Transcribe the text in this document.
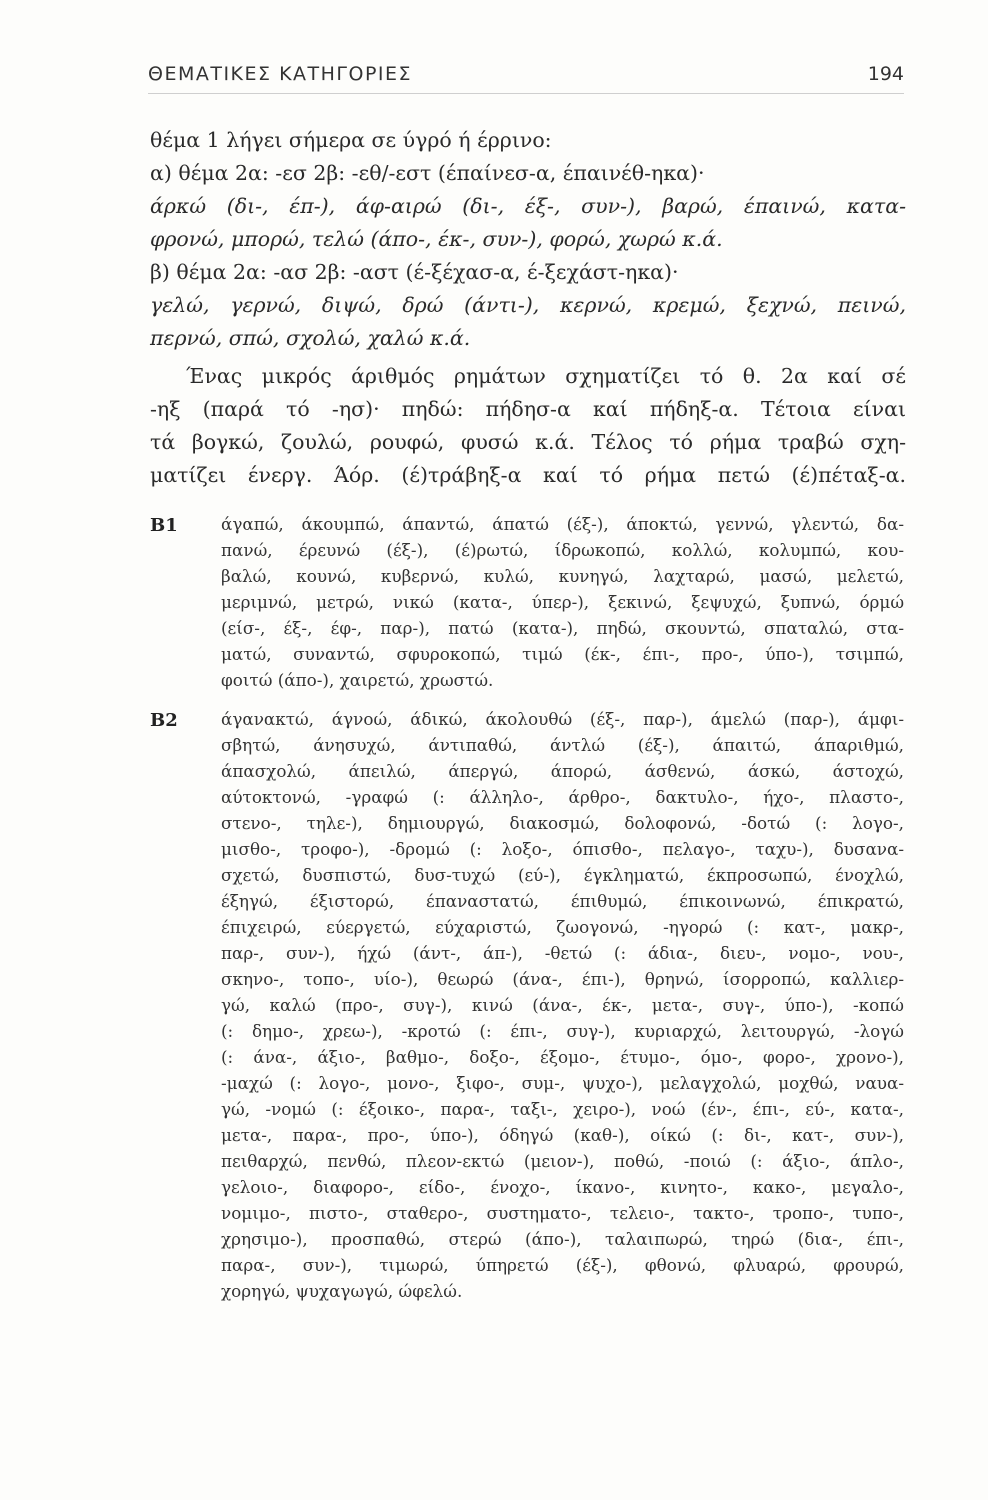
ΘΕΜΑΤΙΚΕΣ ΚΑΤΗΓΟΡΙΕΣ	194
θέμα 1 λήγει σήμερα σε ύγρό ή έρρινο:
α) θέμα 2α: -εσ 2β: -εθ/-εστ (έπαίνεσ-α, έπαινέθ-ηκα)·
άρκώ (δι-, έπ-), άφ-αιρώ (δι-, έξ-, συν-), βαρώ, έπαινώ, κατα-
φρονώ, μπορώ, τελώ (άπο-, έκ-, συν-), φορώ, χωρώ κ.ά.
β) θέμα 2α: -ασ 2β: -αστ (έ-ξέχασ-α, έ-ξεχάστ-ηκα)·
γελώ, γερνώ, διψώ, δρώ (άντι-), κερνώ, κρεμώ, ξεχνώ, πεινώ,
περνώ, σπώ, σχολώ, χαλώ κ.ά.
Ένας μικρός άριθμός ρημάτων σχηματίζει τό θ. 2α καί σέ
-ηξ (παρά τό -ησ)· πηδώ: πήδησ-α καί πήδηξ-α. Τέτοια είναι
τά βογκώ, ζουλώ, ρουφώ, φυσώ κ.ά. Τέλος τό ρήμα τραβώ σχη-
ματίζει ένεργ. Άόρ. (έ)τράβηξ-α καί τό ρήμα πετώ (έ)πέταξ-α.
Β1	άγαπώ, άκουμπώ, άπαντώ, άπατώ (έξ-), άποκτώ, γεννώ, γλεντώ, δα-
πανώ, έρευνώ (έξ-), (έ)ρωτώ, ίδρωκοπώ, κολλώ, κολυμπώ, κου-
βαλώ, κουνώ, κυβερνώ, κυλώ, κυνηγώ, λαχταρώ, μασώ, μελετώ,
μεριμνώ, μετρώ, νικώ (κατα-, ύπερ-), ξεκινώ, ξεψυχώ, ξυπνώ, όρμώ
(είσ-, έξ-, έφ-, παρ-), πατώ (κατα-), πηδώ, σκουντώ, σπαταλώ, στα-
ματώ, συναντώ, σφυροκοπώ, τιμώ (έκ-, έπι-, προ-, ύπο-), τσιμπώ,
φοιτώ (άπο-), χαιρετώ, χρωστώ.
Β2	άγανακτώ, άγνοώ, άδικώ, άκολουθώ (έξ-, παρ-), άμελώ (παρ-), άμφι-
σβητώ, άνησυχώ, άντιπαθώ, άντλώ (έξ-), άπαιτώ, άπαριθμώ,
άπασχολώ, άπειλώ, άπεργώ, άπορώ, άσθενώ, άσκώ, άστοχώ,
αύτοκτονώ, -γραφώ (: άλληλο-, άρθρο-, δακτυλο-, ήχο-, πλαστο-,
στενο-, τηλε-), δημιουργώ, διακοσμώ, δολοφονώ, -δοτώ (: λογο-,
μισθο-, τροφο-), -δρομώ (: λοξο-, όπισθο-, πελαγο-, ταχυ-), δυσανα-
σχετώ, δυσπιστώ, δυσ-τυχώ (εύ-), έγκληματώ, έκπροσωπώ, ένοχλώ,
έξηγώ, έξιστορώ, έπαναστατώ, έπιθυμώ, έπικοινωνώ, έπικρατώ,
έπιχειρώ, εύεργετώ, εύχαριστώ, ζωογονώ, -ηγορώ (: κατ-, μακρ-,
παρ-, συν-), ήχώ (άντ-, άπ-), -θετώ (: άδια-, διευ-, νομο-, νου-,
σκηνο-, τοπο-, υίο-), θεωρώ (άνα-, έπι-), θρηνώ, ίσορροπώ, καλλιερ-
γώ, καλώ (προ-, συγ-), κινώ (άνα-, έκ-, μετα-, συγ-, ύπο-), -κοπώ
(: δημο-, χρεω-), -κροτώ (: έπι-, συγ-), κυριαρχώ, λειτουργώ, -λογώ
(: άνα-, άξιο-, βαθμο-, δοξο-, έξομο-, έτυμο-, όμο-, φορο-, χρονο-),
-μαχώ (: λογο-, μονο-, ξιφο-, συμ-, ψυχο-), μελαγχολώ, μοχθώ, ναυα-
γώ, -νομώ (: έξοικο-, παρα-, ταξι-, χειρο-), νοώ (έν-, έπι-, εύ-, κατα-,
μετα-, παρα-, προ-, ύπο-), όδηγώ (καθ-), οίκώ (: δι-, κατ-, συν-),
πειθαρχώ, πενθώ, πλεον-εκτώ (μειον-), ποθώ, -ποιώ (: άξιο-, άπλο-,
γελοιο-, διαφορο-, είδο-, ένοχο-, ίκανο-, κινητο-, κακο-, μεγαλο-,
νομιμο-, πιστο-, σταθερο-, συστηματο-, τελειο-, τακτο-, τροπο-, τυπο-,
χρησιμο-), προσπαθώ, στερώ (άπο-), ταλαιπωρώ, τηρώ (δια-, έπι-,
παρα-, συν-), τιμωρώ, ύπηρετώ (έξ-), φθονώ, φλυαρώ, φρουρώ,
χορηγώ, ψυχαγωγώ, ώφελώ.
